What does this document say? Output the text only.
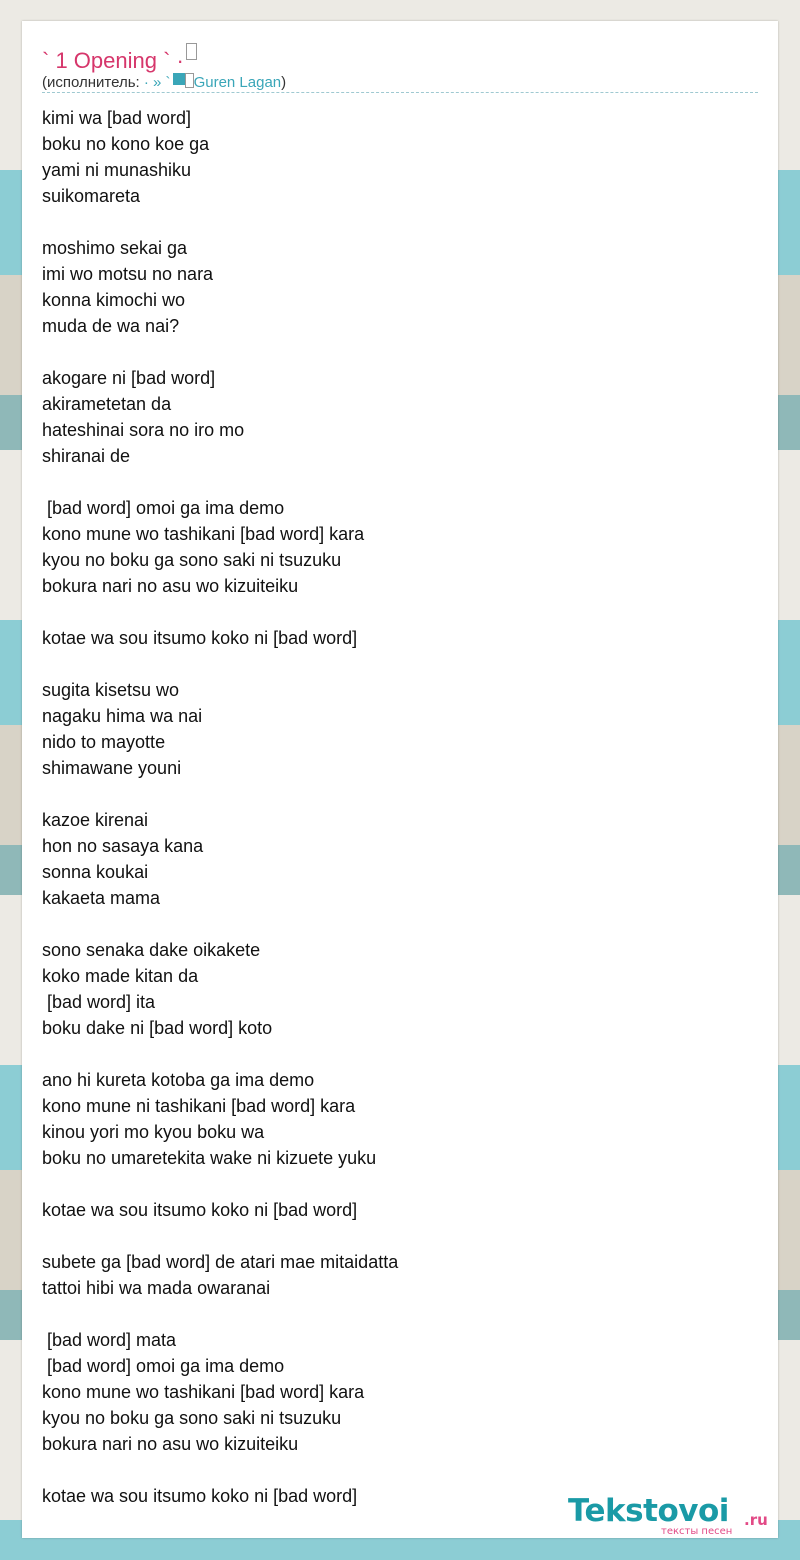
` 1 Opening ` ·
(исполнитель: · » ` Guren Lagan)
kimi wa [bad word]
boku no kono koe ga
yami ni munashiku
suikomareta
moshimo sekai ga
imi wo motsu no nara
konna kimochi wo
muda de wa nai?
akogare ni [bad word]
akirametetan da
hateshinai sora no iro mo
shiranai de
[bad word] omoi ga ima demo
kono mune wo tashikani [bad word] kara
kyou no boku ga sono saki ni tsuzuku
bokura nari no asu wo kizuiteiku
kotae wa sou itsumo koko ni [bad word]
sugita kisetsu wo
nagaku hima wa nai
nido to mayotte
shimawane youni
kazoe kirenai
hon no sasaya kana
sonna koukai
kakaeta mama
sono senaka dake oikakete
koko made kitan da
[bad word] ita
boku dake ni [bad word] koto
ano hi kureta kotoba ga ima demo
kono mune ni tashikani [bad word] kara
kinou yori mo kyou boku wa
boku no umaretekita wake ni kizuete yuku
kotae wa sou itsumo koko ni [bad word]
subete ga [bad word] de atari mae mitaidatta
tattoi hibi wa mada owaranai
[bad word] mata
[bad word] omoi ga ima demo
kono mune wo tashikani [bad word] kara
kyou no boku ga sono saki ni tsuzuku
bokura nari no asu wo kizuiteiku
kotae wa sou itsumo koko ni [bad word]	Tekstovoi .ru
тексты песен
